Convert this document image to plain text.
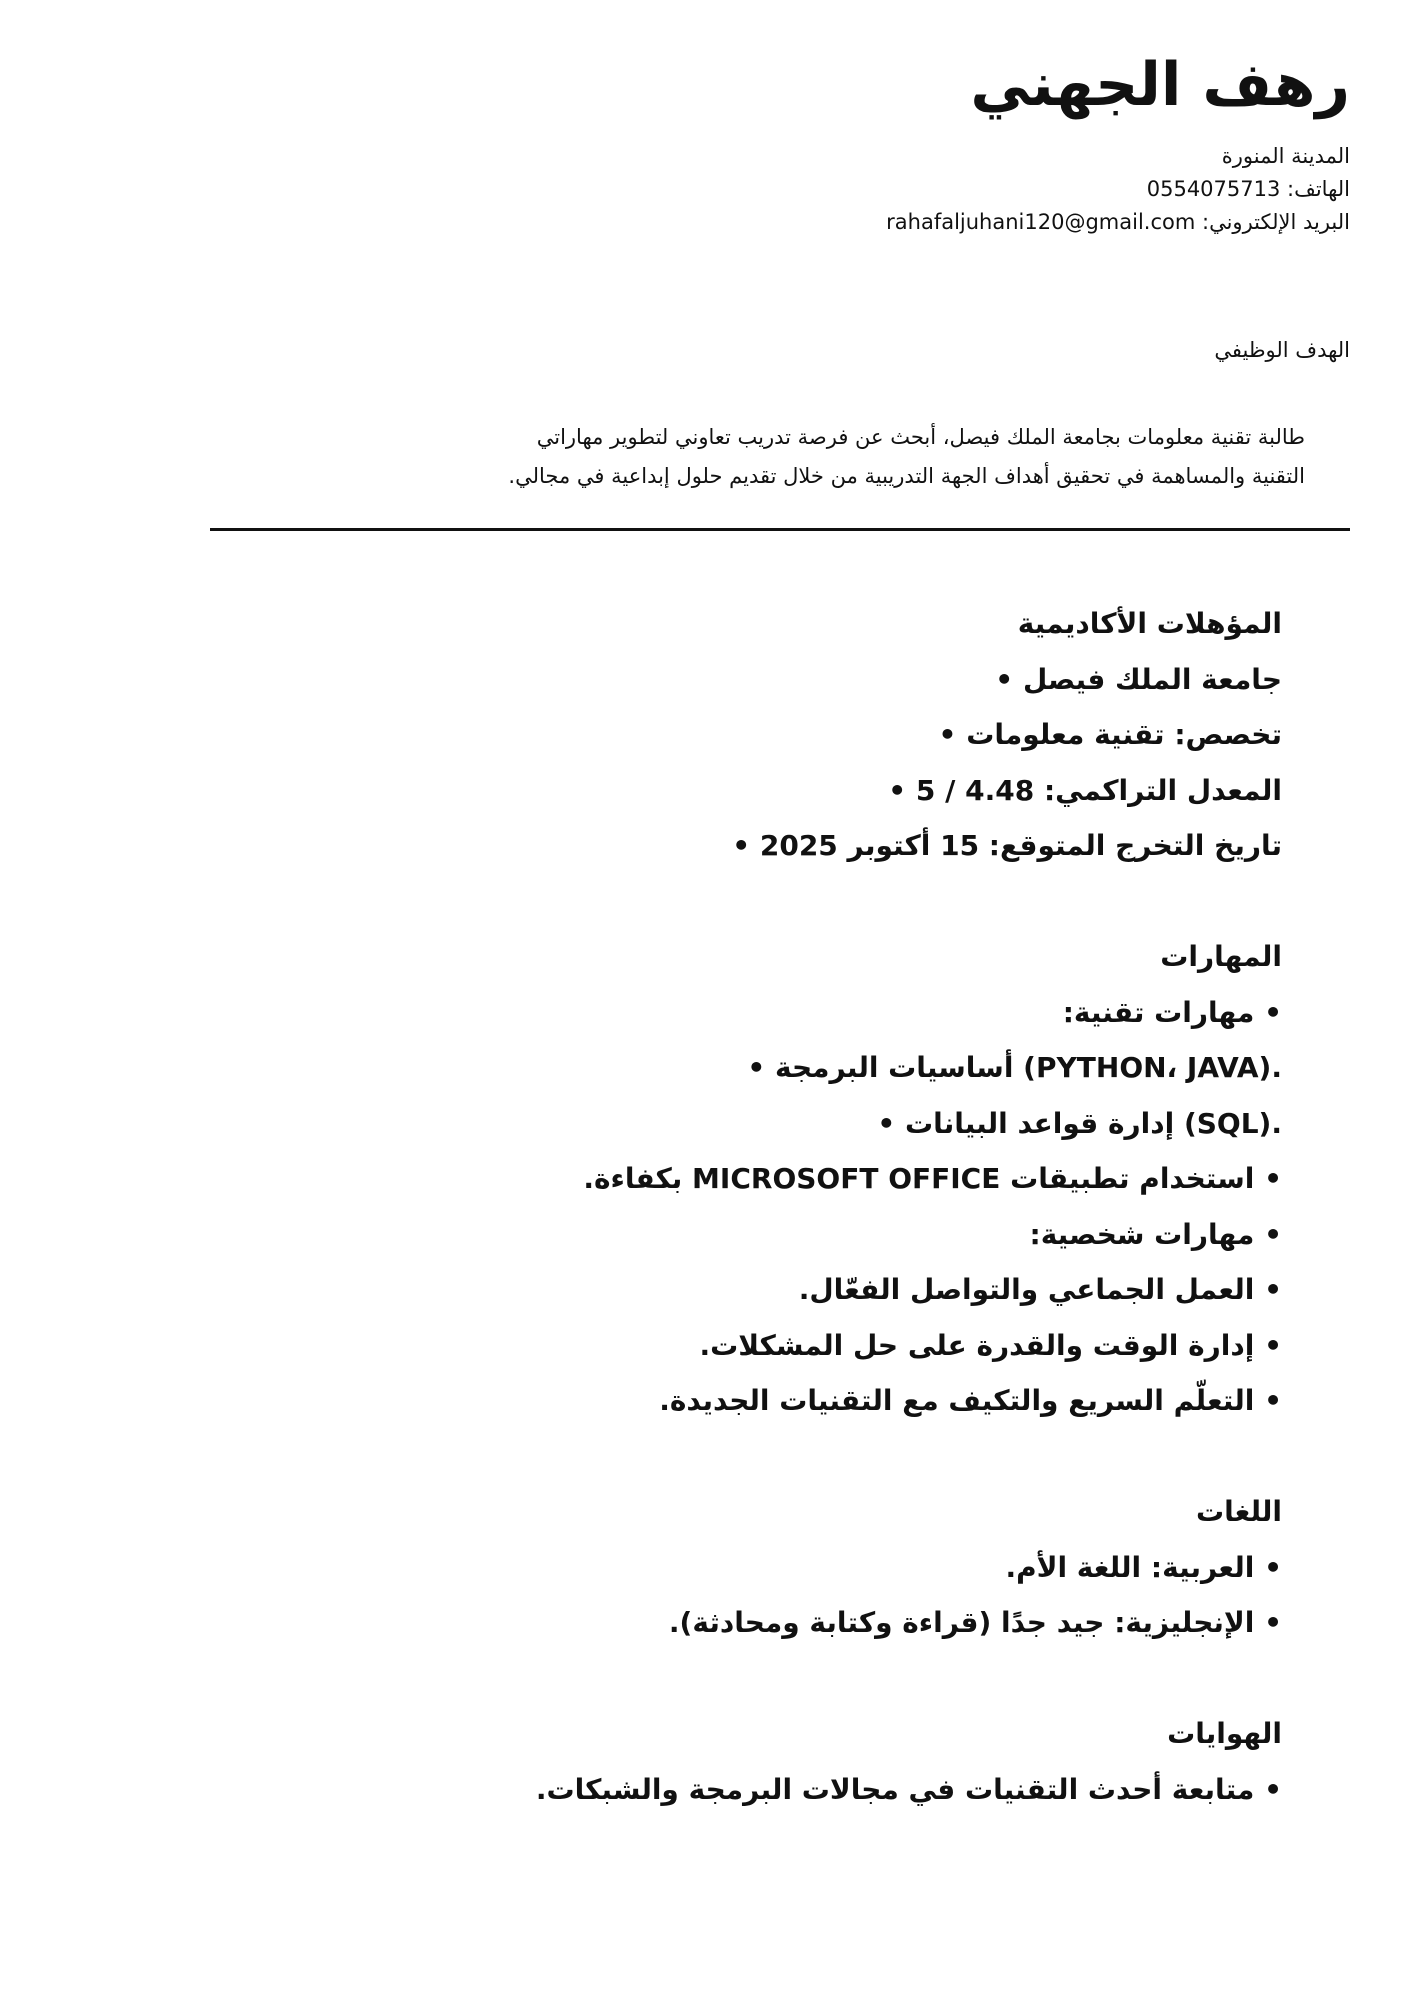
رهف الجهني
المدينة المنورة
الهاتف: 0554075713
rahafaljuhani120@gmail.com :البريد الإلكتروني
الهدف الوظيفي
طالبة تقنية معلومات بجامعة الملك فيصل، أبحث عن فرصة تدريب تعاوني لتطوير مهاراتي
.التقنية والمساهمة في تحقيق أهداف الجهة التدريبية من خلال تقديم حلول إبداعية في مجالي
المؤهلات الأكاديمية
• جامعة الملك فيصل
• تخصص: تقنية معلومات
• المعدل التراكمي: 4.48 / 5
• تاريخ التخرج المتوقع: 15 أكتوبر 2025
المهارات
:مهارات تقنية •
• أساسيات البرمجة (PYTHON، JAVA).
• إدارة قواعد البيانات (SQL).
.بكفاءة MICROSOFT OFFICE استخدام تطبيقات •
:مهارات شخصية •
.العمل الجماعي والتواصل الفعّال •
.إدارة الوقت والقدرة على حل المشكلات •
.التعلّم السريع والتكيف مع التقنيات الجديدة •
اللغات
.العربية: اللغة الأم •
.الإنجليزية: جيد جدًا (قراءة وكتابة ومحادثة) •
الهوايات
.متابعة أحدث التقنيات في مجالات البرمجة والشبكات •
